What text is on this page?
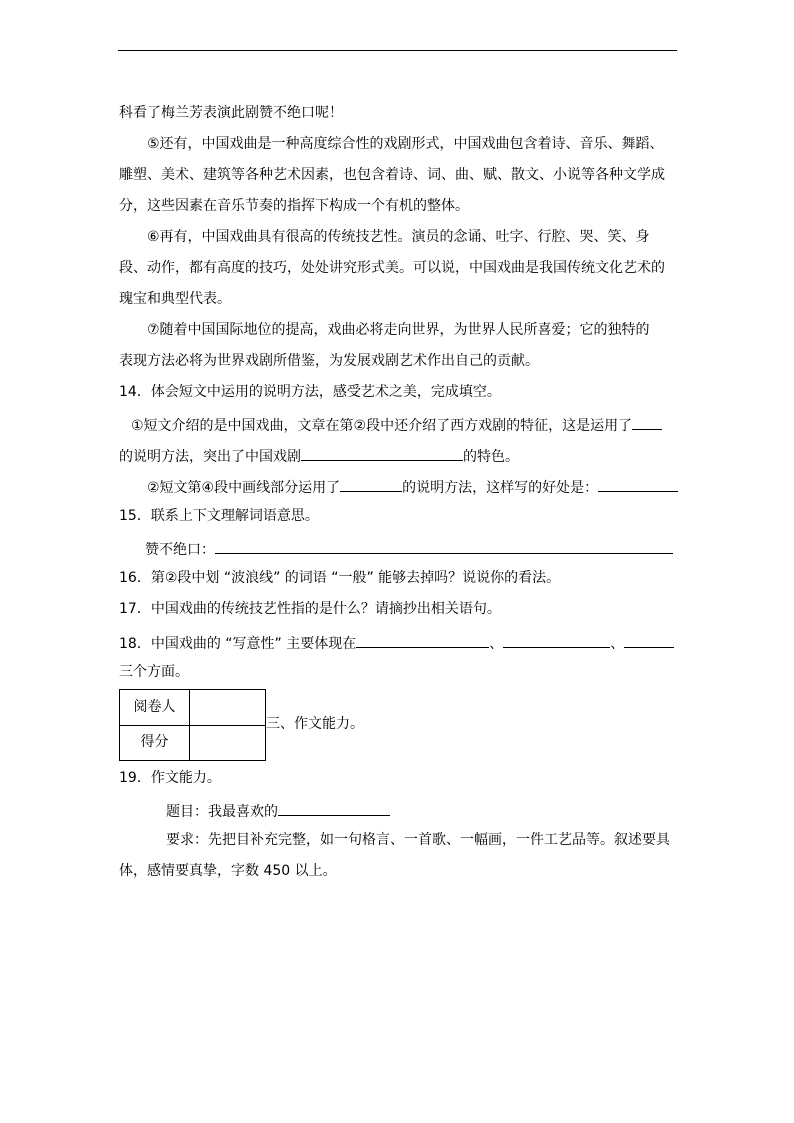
科看了梅兰芳表演此剧赞不绝口呢！
⑤还有，中国戏曲是一种高度综合性的戏剧形式，中国戏曲包含着诗、音乐、舞蹈、
雕塑、美术、建筑等各种艺术因素，也包含着诗、词、曲、赋、散文、小说等各种文学成
分，这些因素在音乐节奏的指挥下构成一个有机的整体。
⑥再有，中国戏曲具有很高的传统技艺性。演员的念诵、吐字、行腔、哭、笑、身
段、动作，都有高度的技巧，处处讲究形式美。可以说，中国戏曲是我国传统文化艺术的
瑰宝和典型代表。
⑦随着中国国际地位的提高，戏曲必将走向世界，为世界人民所喜爱；它的独特的
表现方法必将为世界戏剧所借鉴，为发展戏剧艺术作出自己的贡献。
14．体会短文中运用的说明方法，感受艺术之美，完成填空。
①短文介绍的是中国戏曲，文章在第②段中还介绍了西方戏剧的特征，这是运用了
的说明方法，突出了中国戏剧	的特色。
②短文第④段中画线部分运用了	的说明方法，这样写的好处是：
15．联系上下文理解词语意思。
赞不绝口：
16．第②段中划 “波浪线” 的词语 “一般” 能够去掉吗？说说你的看法。
17．中国戏曲的传统技艺性指的是什么？请摘抄出相关语句。
18．中国戏曲的 “写意性” 主要体现在	、	、
三个方面。
阅卷人
得分
三、作文能力。
19．作文能力。
题目：我最喜欢的
要求：先把目补充完整，如一句格言、一首歌、一幅画，一件工艺品等。叙述要具
体，感情要真挚，字数 450 以上。
